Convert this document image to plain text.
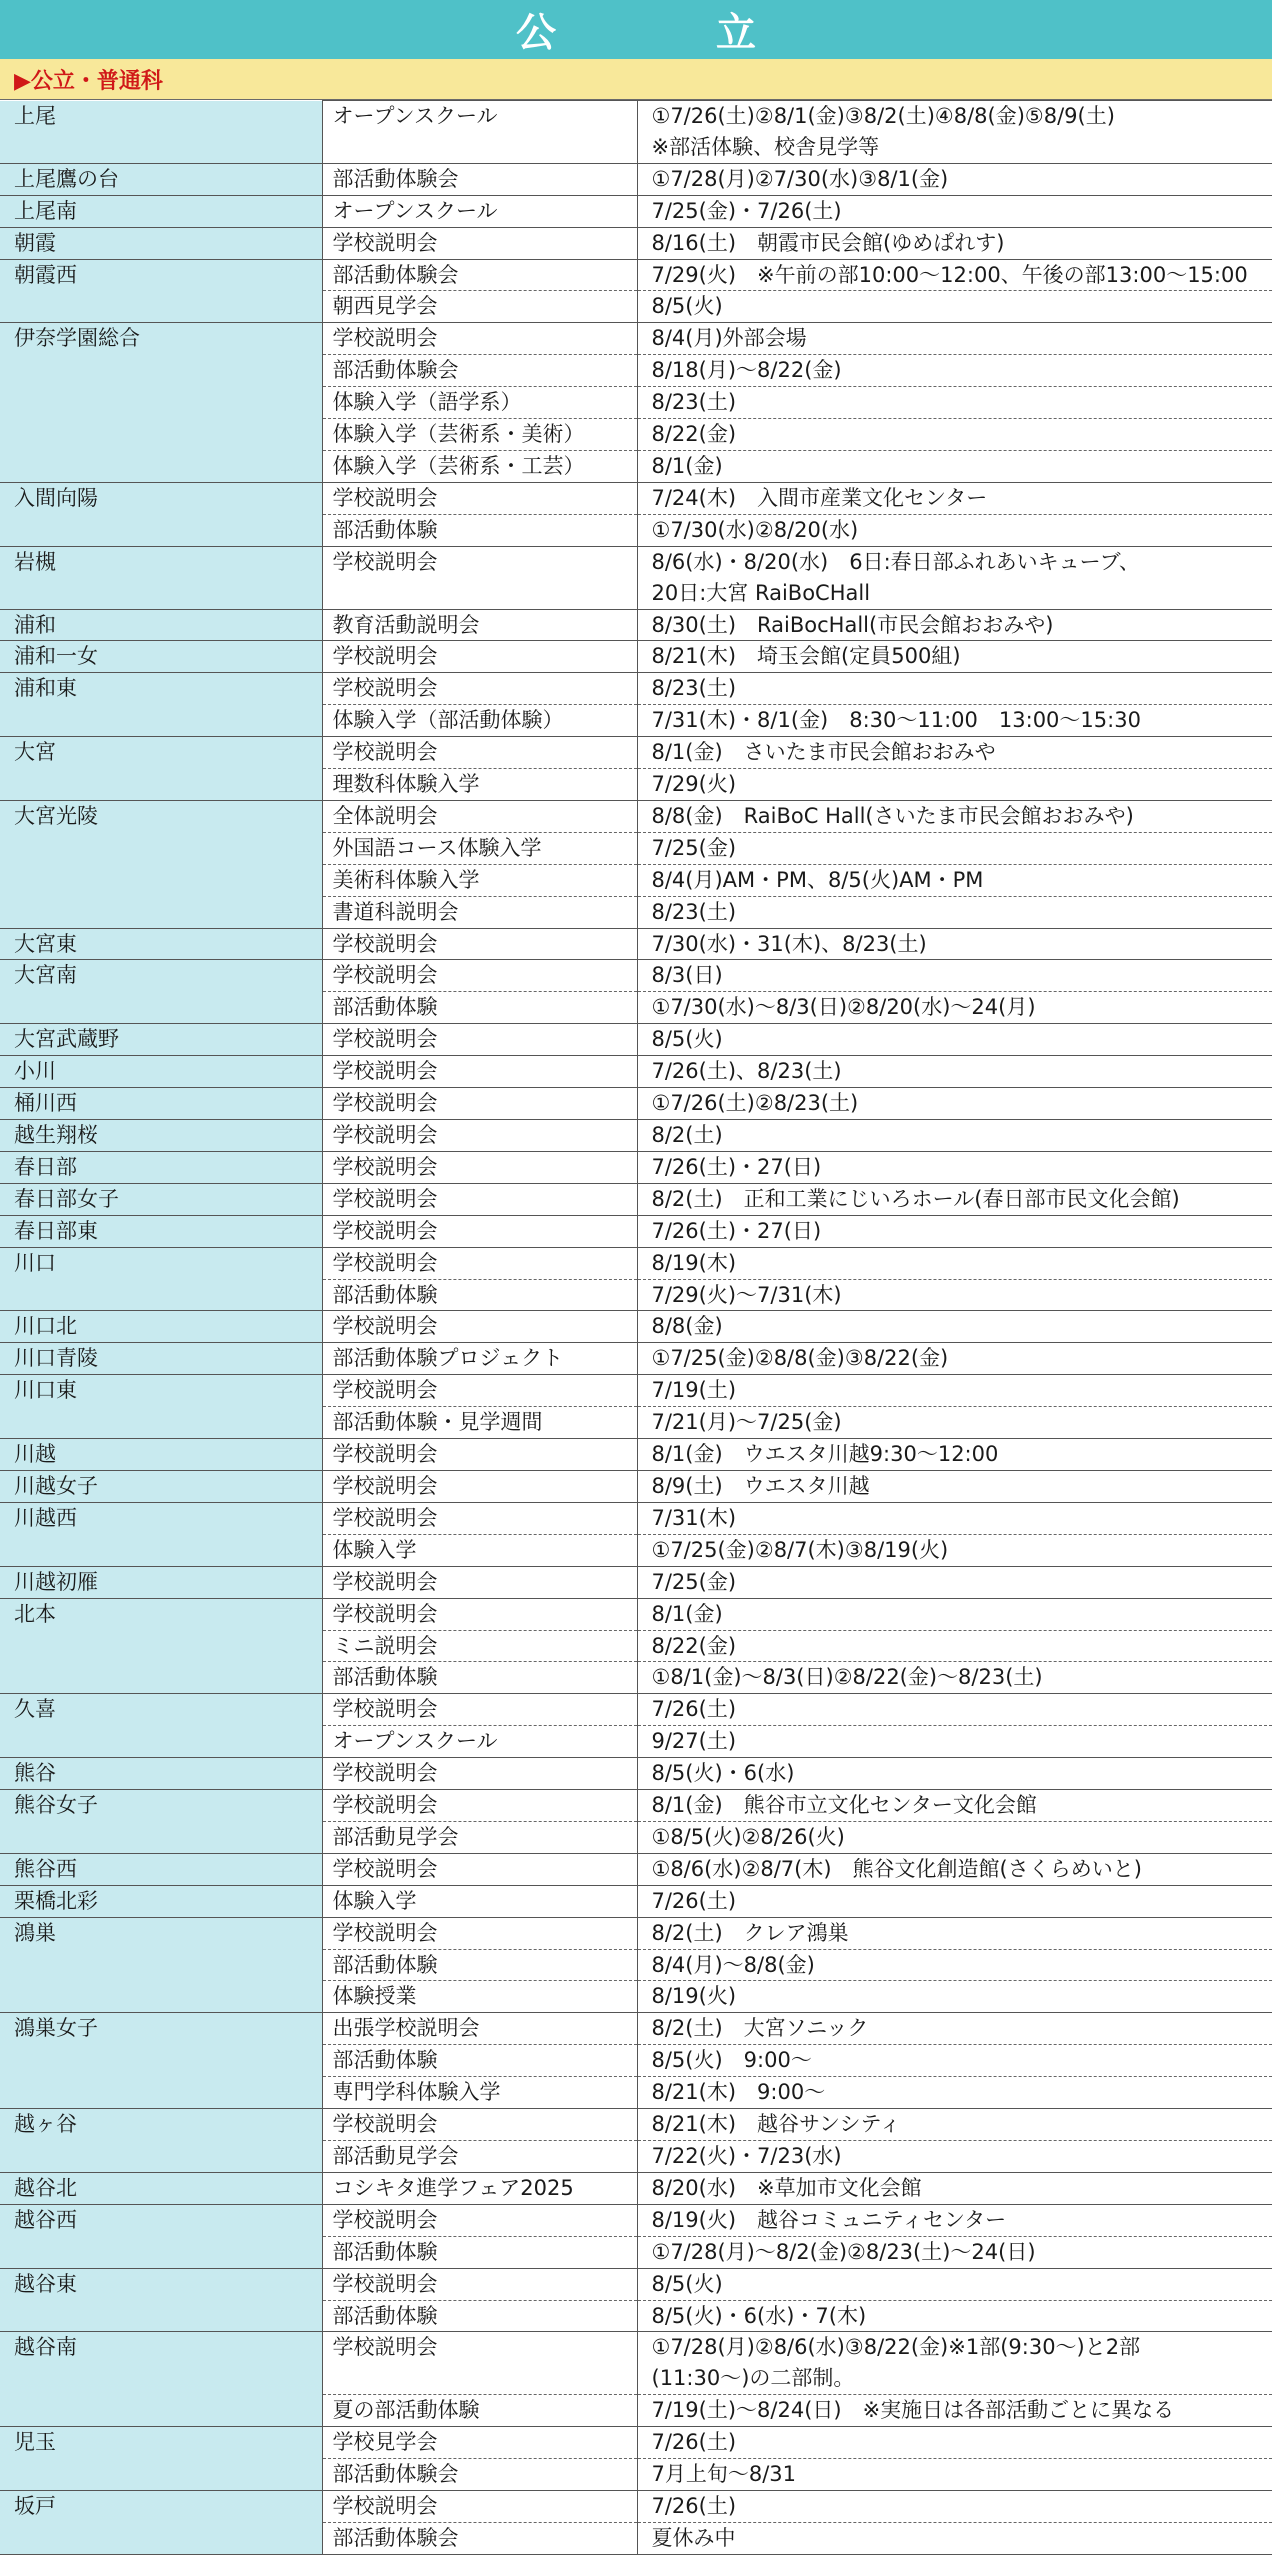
公　立
▶公立・普通科
上尾	オープンスクール	①7/26(土)②8/1(金)③8/2(土)④8/8(金)⑤8/9(土)
※部活体験、校舎見学等

上尾鷹の台	部活動体験会	①7/28(月)②7/30(水)③8/1(金)

上尾南	オープンスクール	7/25(金)・7/26(土)

朝霞	学校説明会	8/16(土)　朝霞市民会館(ゆめぱれす)

朝霞西	部活動体験会	7/29(火)　※午前の部10:00～12:00、午後の部13:00～15:00

	朝西見学会	8/5(火)

伊奈学園総合	学校説明会	8/4(月)外部会場

	部活動体験会	8/18(月)～8/22(金)

	体験入学（語学系）	8/23(土)

	体験入学（芸術系・美術）	8/22(金)

	体験入学（芸術系・工芸）	8/1(金)

入間向陽	学校説明会	7/24(木)　入間市産業文化センター

	部活動体験	①7/30(水)②8/20(水)

岩槻	学校説明会	8/6(水)・8/20(水)　6日:春日部ふれあいキューブ、
20日:大宮 RaiBoCHall

浦和	教育活動説明会	8/30(土)　RaiBocHall(市民会館おおみや)

浦和一女	学校説明会	8/21(木)　埼玉会館(定員500組)

浦和東	学校説明会	8/23(土)

	体験入学（部活動体験）	7/31(木)・8/1(金)　8:30～11:00　13:00～15:30

大宮	学校説明会	8/1(金)　さいたま市民会館おおみや

	理数科体験入学	7/29(火)

大宮光陵	全体説明会	8/8(金)　RaiBoC Hall(さいたま市民会館おおみや)

	外国語コース体験入学	7/25(金)

	美術科体験入学	8/4(月)AM・PM、8/5(火)AM・PM

	書道科説明会	8/23(土)

大宮東	学校説明会	7/30(水)・31(木)、8/23(土)

大宮南	学校説明会	8/3(日)

	部活動体験	①7/30(水)～8/3(日)②8/20(水)～24(月)

大宮武蔵野	学校説明会	8/5(火)

小川	学校説明会	7/26(土)、8/23(土)

桶川西	学校説明会	①7/26(土)②8/23(土)

越生翔桜	学校説明会	8/2(土)

春日部	学校説明会	7/26(土)・27(日)

春日部女子	学校説明会	8/2(土)　正和工業にじいろホール(春日部市民文化会館)

春日部東	学校説明会	7/26(土)・27(日)

川口	学校説明会	8/19(木)

	部活動体験	7/29(火)～7/31(木)

川口北	学校説明会	8/8(金)

川口青陵	部活動体験プロジェクト	①7/25(金)②8/8(金)③8/22(金)

川口東	学校説明会	7/19(土)

	部活動体験・見学週間	7/21(月)～7/25(金)

川越	学校説明会	8/1(金)　ウエスタ川越9:30～12:00

川越女子	学校説明会	8/9(土)　ウエスタ川越

川越西	学校説明会	7/31(木)

	体験入学	①7/25(金)②8/7(木)③8/19(火)

川越初雁	学校説明会	7/25(金)

北本	学校説明会	8/1(金)

	ミニ説明会	8/22(金)

	部活動体験	①8/1(金)～8/3(日)②8/22(金)～8/23(土)

久喜	学校説明会	7/26(土)

	オープンスクール	9/27(土)

熊谷	学校説明会	8/5(火)・6(水)

熊谷女子	学校説明会	8/1(金)　熊谷市立文化センター文化会館

	部活動見学会	①8/5(火)②8/26(火)

熊谷西	学校説明会	①8/6(水)②8/7(木)　熊谷文化創造館(さくらめいと)

栗橋北彩	体験入学	7/26(土)

鴻巣	学校説明会	8/2(土)　クレア鴻巣

	部活動体験	8/4(月)～8/8(金)

	体験授業	8/19(火)

鴻巣女子	出張学校説明会	8/2(土)　大宮ソニック

	部活動体験	8/5(火)　9:00～

	専門学科体験入学	8/21(木)　9:00～

越ヶ谷	学校説明会	8/21(木)　越谷サンシティ

	部活動見学会	7/22(火)・7/23(水)

越谷北	コシキタ進学フェア2025	8/20(水)　※草加市文化会館

越谷西	学校説明会	8/19(火)　越谷コミュニティセンター

	部活動体験	①7/28(月)～8/2(金)②8/23(土)～24(日)

越谷東	学校説明会	8/5(火)

	部活動体験	8/5(火)・6(水)・7(木)

越谷南	学校説明会	①7/28(月)②8/6(水)③8/22(金)※1部(9:30～)と2部
(11:30～)の二部制。

	夏の部活動体験	7/19(土)～8/24(日)　※実施日は各部活動ごとに異なる

児玉	学校見学会	7/26(土)

	部活動体験会	7月上旬～8/31

坂戸	学校説明会	7/26(土)

	部活動体験会	夏休み中
